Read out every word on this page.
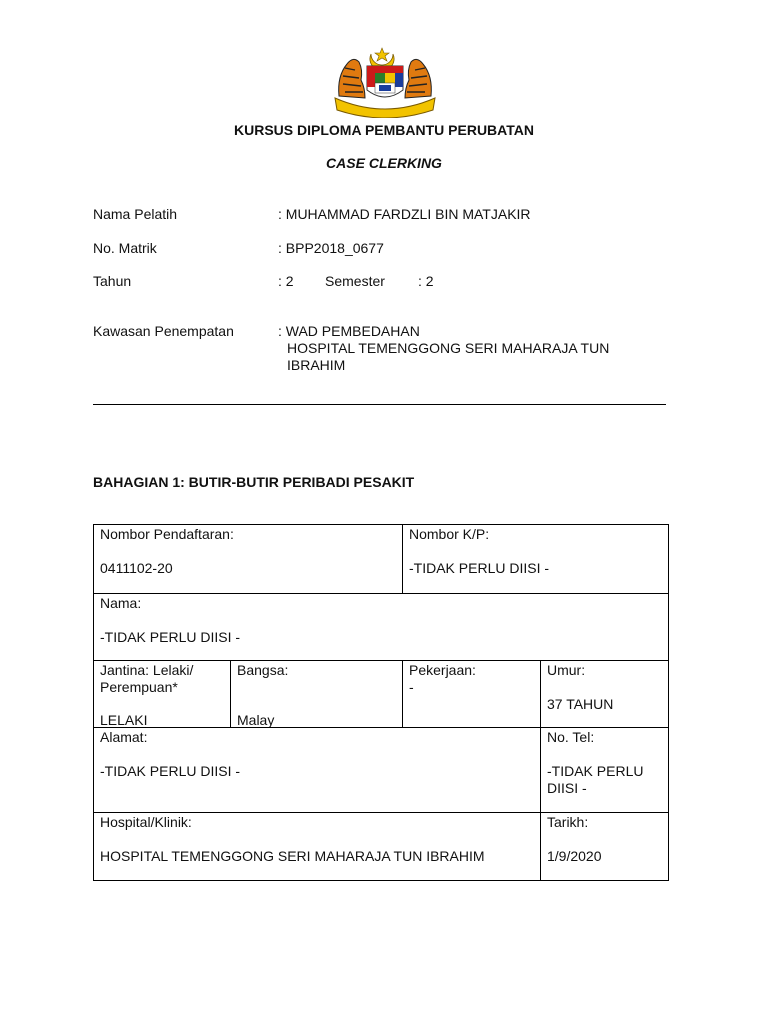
KURSUS DIPLOMA PEMBANTU PERUBATAN
CASE CLERKING
Nama Pelatih	: MUHAMMAD FARDZLI BIN MATJAKIR
No. Matrik	: BPP2018_0677
Tahun	: 2 Semester : 2
Kawasan Penempatan	: WAD PEMBEDAHAN
HOSPITAL TEMENGGONG SERI MAHARAJA TUN
IBRAHIM
BAHAGIAN 1: BUTIR-BUTIR PERIBADI PESAKIT
Nombor Pendaftaran:
0411102-20
Nombor K/P:
-TIDAK PERLU DIISI -
Nama:
-TIDAK PERLU DIISI -
Jantina: Lelaki/
Perempuan*
LELAKI
Bangsa:
Malay
Pekerjaan:
-
Umur:
37 TAHUN
Alamat:
-TIDAK PERLU DIISI -
No. Tel:
-TIDAK PERLU
DIISI -
Hospital/Klinik:
HOSPITAL TEMENGGONG SERI MAHARAJA TUN IBRAHIM
Tarikh:
1/9/2020
